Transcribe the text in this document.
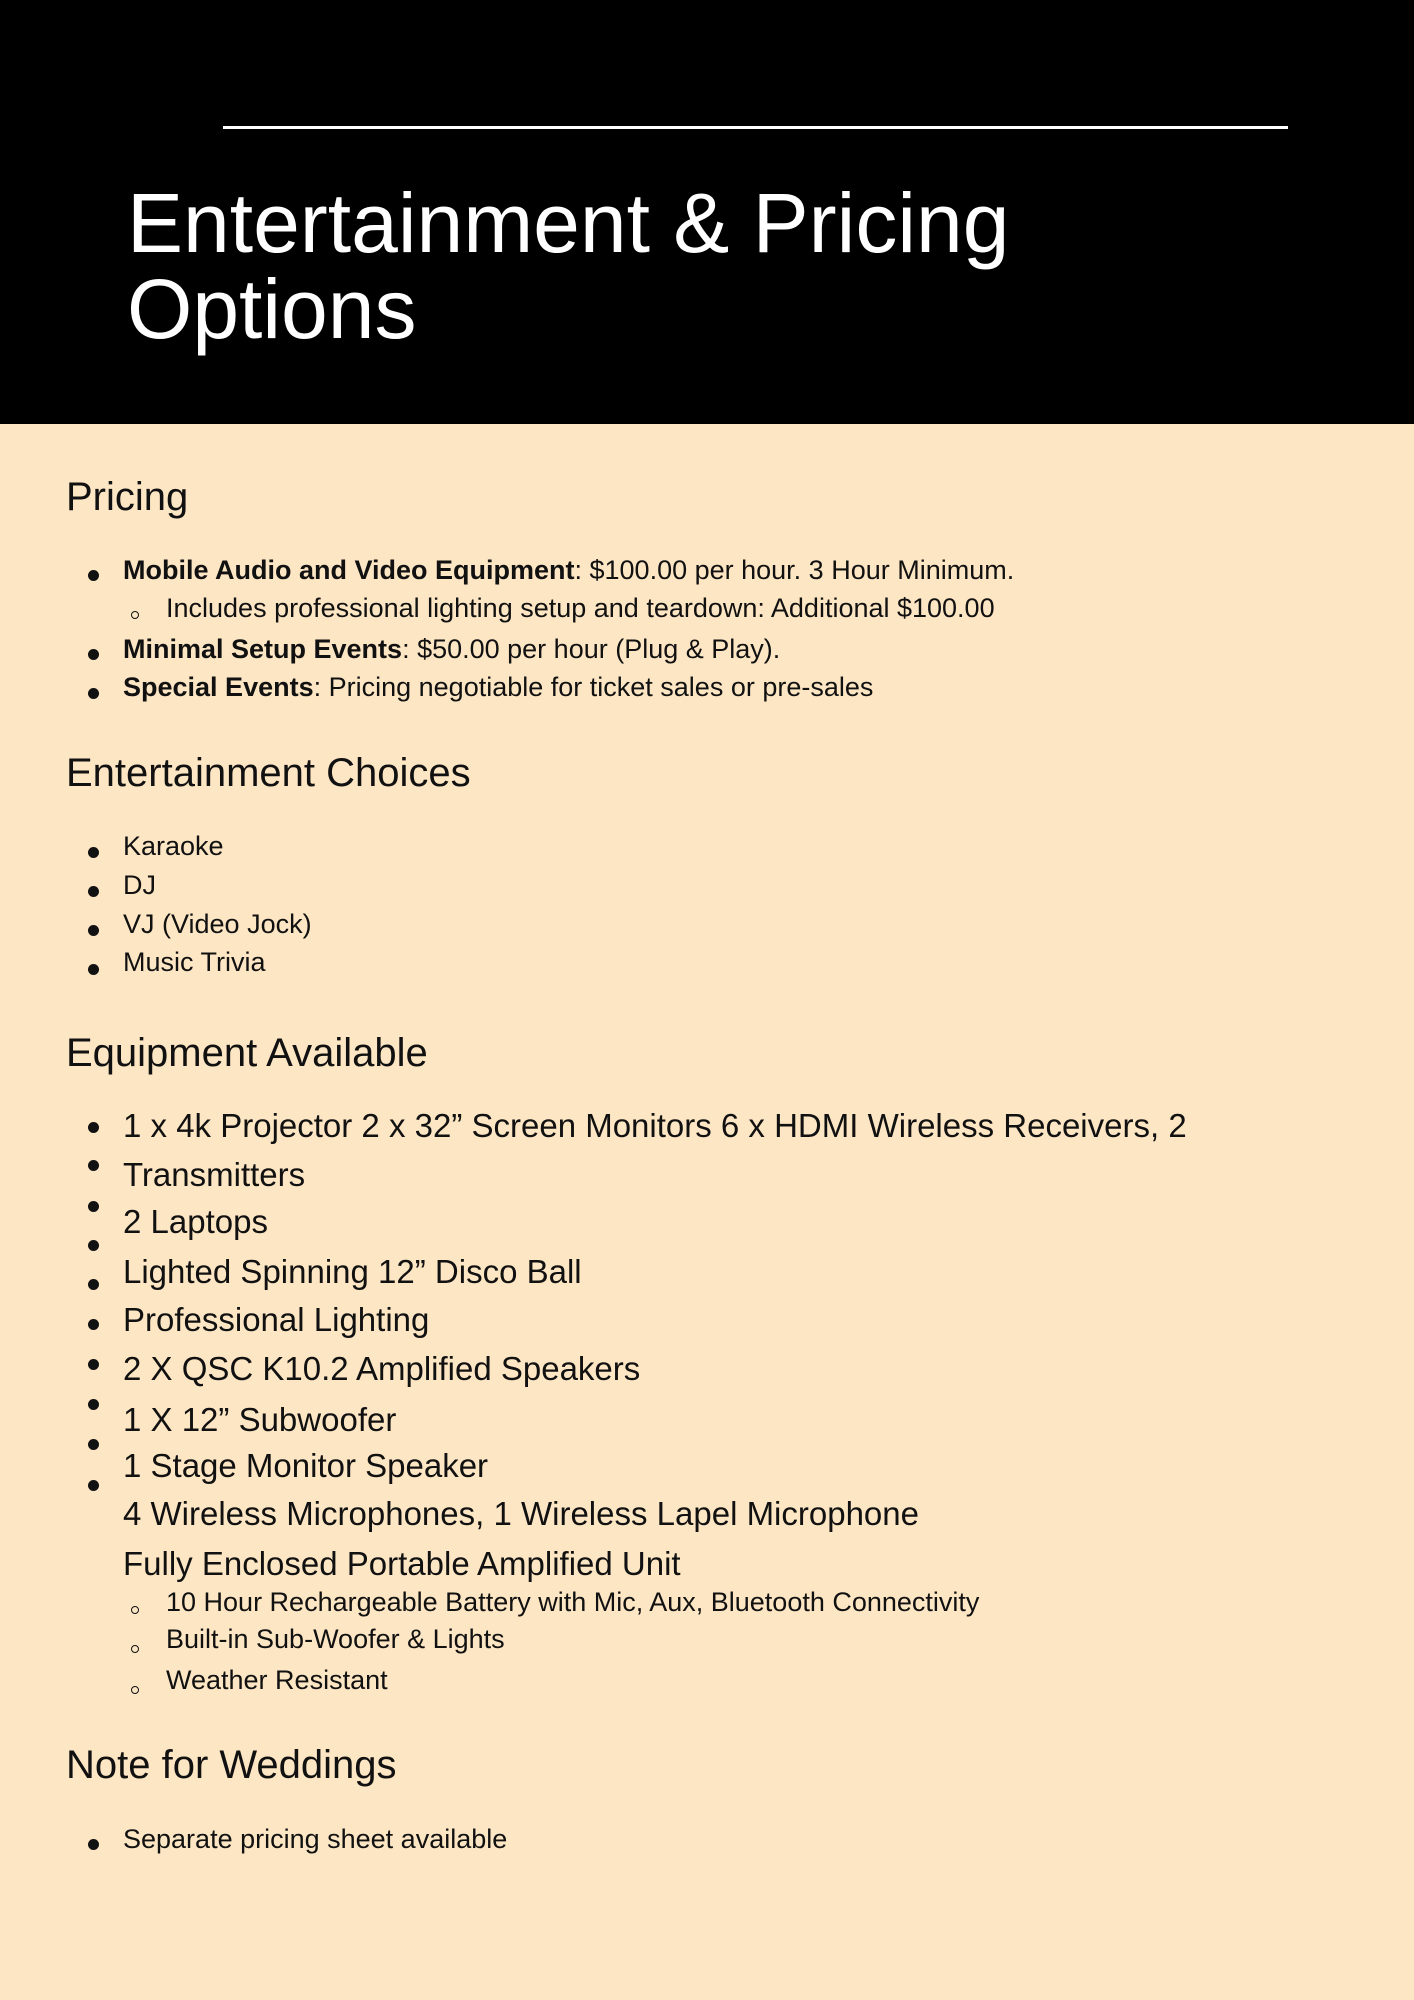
Entertainment & Pricing
Options
Pricing
Mobile Audio and Video Equipment: $100.00 per hour. 3 Hour Minimum.
Includes professional lighting setup and teardown: Additional $100.00
Minimal Setup Events: $50.00 per hour (Plug & Play).
Special Events: Pricing negotiable for ticket sales or pre-sales
Entertainment Choices
Karaoke
DJ
VJ (Video Jock)
Music Trivia
Equipment Available
1 x 4k Projector 2 x 32” Screen Monitors 6 x HDMI Wireless Receivers, 2
Transmitters
2 Laptops
Lighted Spinning 12” Disco Ball
Professional Lighting
2 X QSC K10.2 Amplified Speakers
1 X 12” Subwoofer
1 Stage Monitor Speaker
4 Wireless Microphones, 1 Wireless Lapel Microphone
Fully Enclosed Portable Amplified Unit
10 Hour Rechargeable Battery with Mic, Aux, Bluetooth Connectivity
Built-in Sub-Woofer & Lights
Weather Resistant
Note for Weddings
Separate pricing sheet available
